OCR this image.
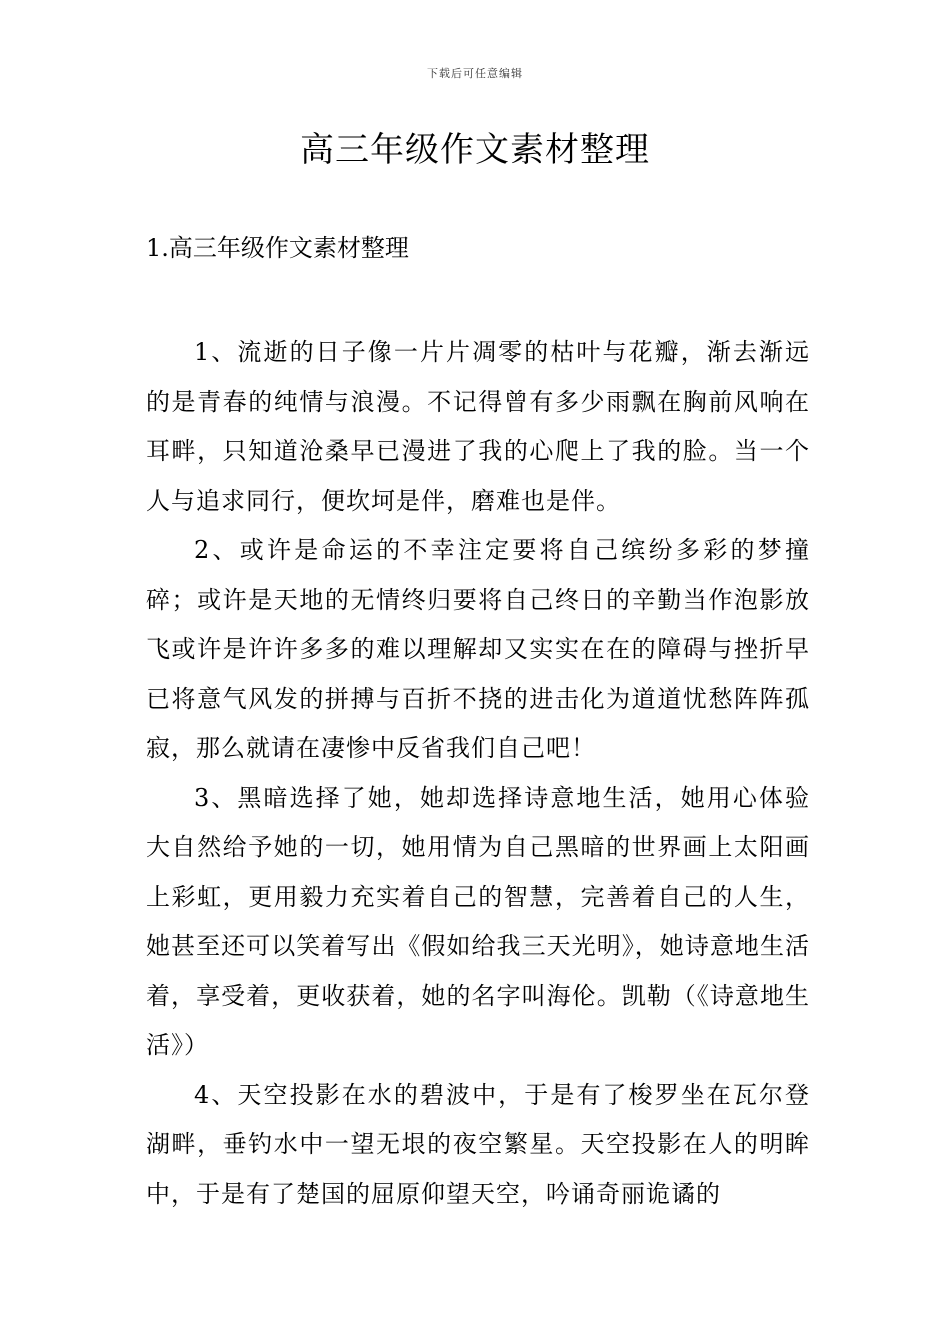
下载后可任意编辑
高三年级作文素材整理
1.高三年级作文素材整理

1、流逝的日子像一片片凋零的枯叶与花瓣，渐去渐远的是青春的纯情与浪漫。不记得曾有多少雨飘在胸前风响在耳畔，只知道沧桑早已漫进了我的心爬上了我的脸。当一个人与追求同行，便坎坷是伴，磨难也是伴。

2、或许是命运的不幸注定要将自己缤纷多彩的梦撞碎；或许是天地的无情终归要将自己终日的辛勤当作泡影放飞或许是许许多多的难以理解却又实实在在的障碍与挫折早已将意气风发的拼搏与百折不挠的进击化为道道忧愁阵阵孤寂，那么就请在凄惨中反省我们自己吧！

3、黑暗选择了她，她却选择诗意地生活，她用心体验大自然给予她的一切，她用情为自己黑暗的世界画上太阳画上彩虹，更用毅力充实着自己的智慧，完善着自己的人生，她甚至还可以笑着写出《假如给我三天光明》，她诗意地生活着，享受着，更收获着，她的名字叫海伦。凯勒（《诗意地生活》）

4、天空投影在水的碧波中，于是有了梭罗坐在瓦尔登湖畔，垂钓水中一望无垠的夜空繁星。天空投影在人的明眸中，于是有了楚国的屈原仰望天空，吟诵奇丽诡谲的
